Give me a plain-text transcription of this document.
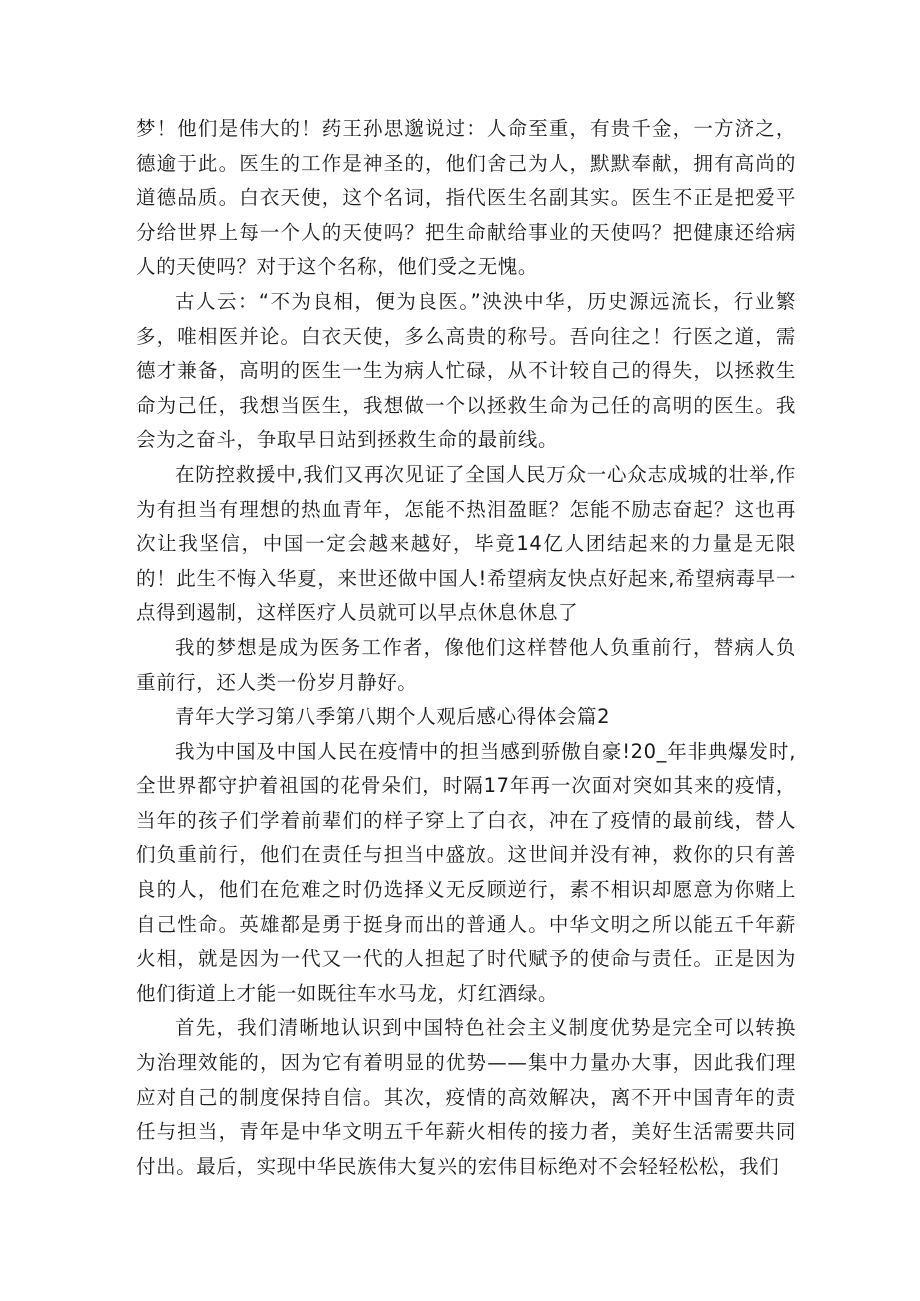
梦！他们是伟大的！药王孙思邈说过：人命至重，有贵千金，一方济之，德逾于此。医生的工作是神圣的，他们舍己为人，默默奉献，拥有高尚的道德品质。白衣天使，这个名词，指代医生名副其实。医生不正是把爱平分给世界上每一个人的天使吗？把生命献给事业的天使吗？把健康还给病人的天使吗？对于这个名称，他们受之无愧。

古人云：“不为良相，便为良医。”泱泱中华，历史源远流长，行业繁多，唯相医并论。白衣天使，多么高贵的称号。吾向往之！行医之道，需德才兼备，高明的医生一生为病人忙碌，从不计较自己的得失，以拯救生命为己任，我想当医生，我想做一个以拯救生命为己任的高明的医生。我会为之奋斗，争取早日站到拯救生命的最前线。

在防控救援中,我们又再次见证了全国人民万众一心众志成城的壮举,作为有担当有理想的热血青年，怎能不热泪盈眶？怎能不励志奋起？这也再次让我坚信，中国一定会越来越好，毕竟14亿人团结起来的力量是无限的！此生不悔入华夏，来世还做中国人!希望病友快点好起来,希望病毒早一点得到遏制，这样医疗人员就可以早点休息休息了

我的梦想是成为医务工作者，像他们这样替他人负重前行，替病人负重前行，还人类一份岁月静好。

青年大学习第八季第八期个人观后感心得体会篇2

我为中国及中国人民在疫情中的担当感到骄傲自豪!20_年非典爆发时,全世界都守护着祖国的花骨朵们，时隔17年再一次面对突如其来的疫情，当年的孩子们学着前辈们的样子穿上了白衣，冲在了疫情的最前线，替人们负重前行，他们在责任与担当中盛放。这世间并没有神，救你的只有善良的人，他们在危难之时仍选择义无反顾逆行，素不相识却愿意为你赌上自己性命。英雄都是勇于挺身而出的普通人。中华文明之所以能五千年薪火相，就是因为一代又一代的人担起了时代赋予的使命与责任。正是因为他们街道上才能一如既往车水马龙，灯红酒绿。

首先，我们清晰地认识到中国特色社会主义制度优势是完全可以转换为治理效能的，因为它有着明显的优势——集中力量办大事，因此我们理应对自己的制度保持自信。其次，疫情的高效解决，离不开中国青年的责任与担当，青年是中华文明五千年薪火相传的接力者，美好生活需要共同付出。最后，实现中华民族伟大复兴的宏伟目标绝对不会轻轻松松，我们
